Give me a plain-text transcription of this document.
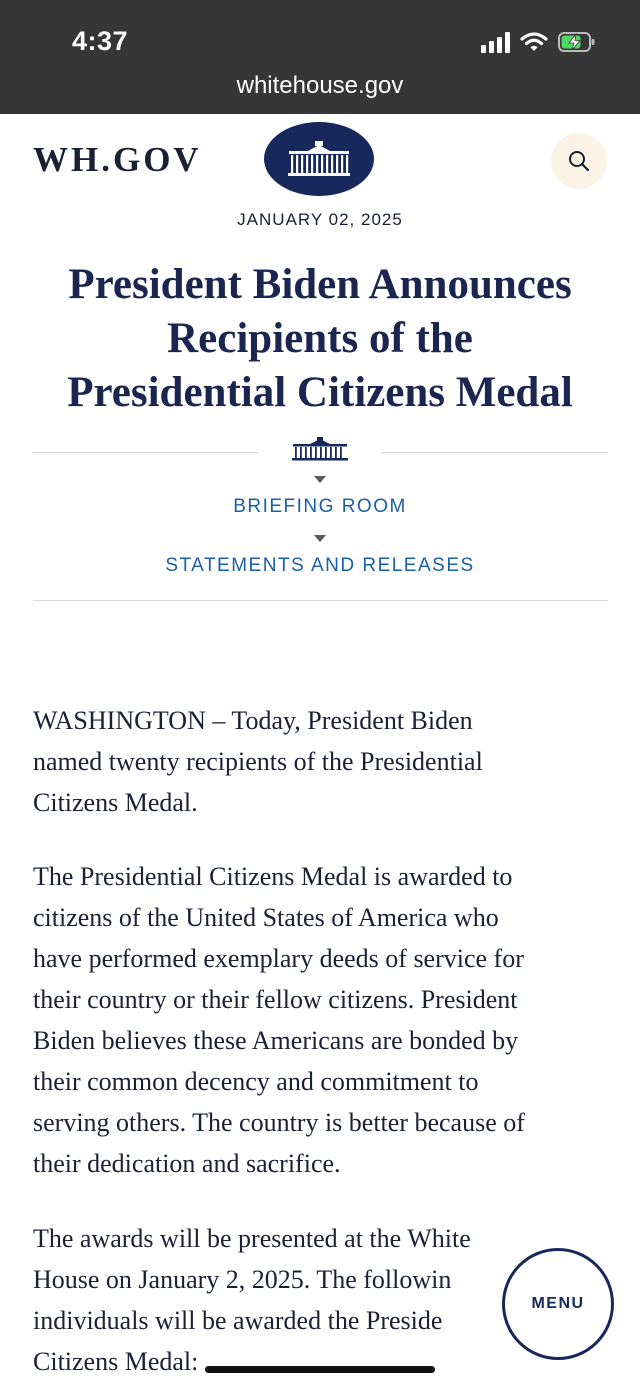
4:37
whitehouse.gov
WH.GOV
JANUARY 02, 2025
President Biden Announces
Recipients of the
Presidential Citizens Medal
BRIEFING ROOM
STATEMENTS AND RELEASES
WASHINGTON – Today, President Biden
named twenty recipients of the Presidential
Citizens Medal.
The Presidential Citizens Medal is awarded to
citizens of the United States of America who
have performed exemplary deeds of service for
their country or their fellow citizens. President
Biden believes these Americans are bonded by
their common decency and commitment to
serving others. The country is better because of
their dedication and sacrifice.
The awards will be presented at the White
House on January 2, 2025. The followin
individuals will be awarded the Preside
Citizens Medal:
MENU
